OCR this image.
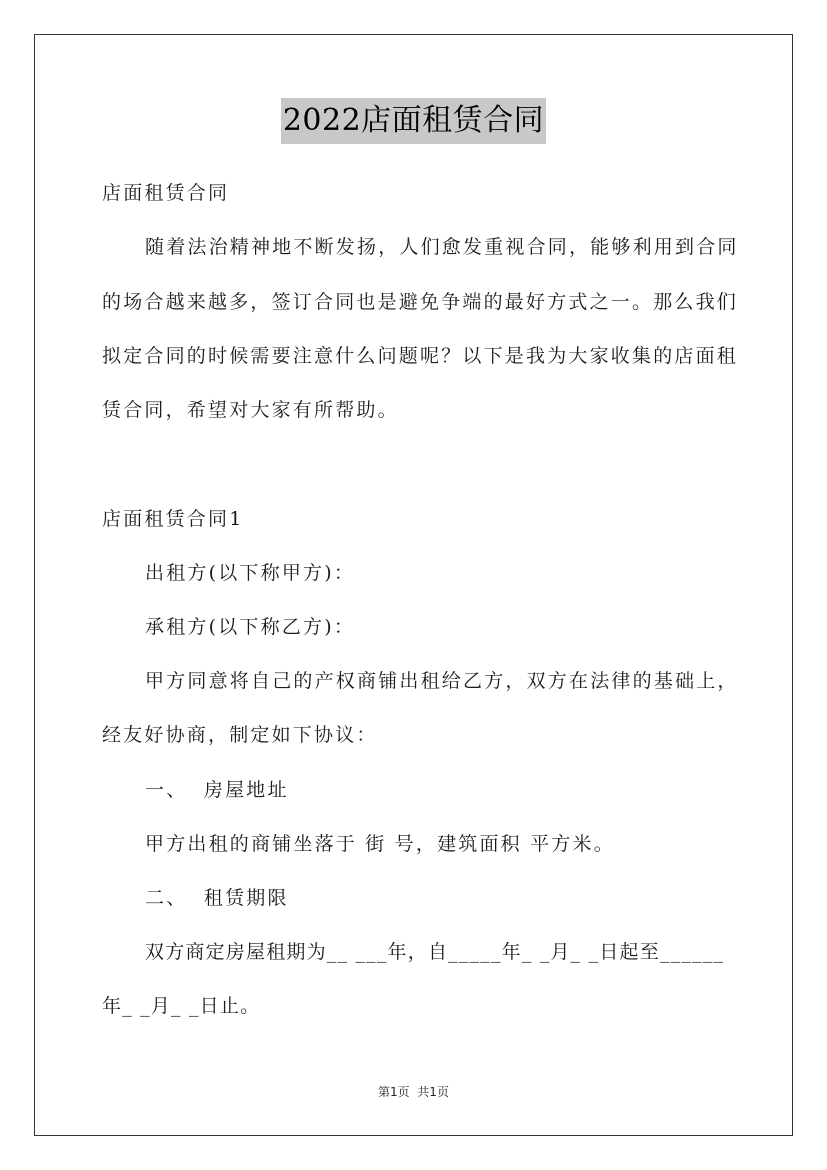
2022店面租赁合同
店面租赁合同
随着法治精神地不断发扬，人们愈发重视合同，能够利用到合同
的场合越来越多，签订合同也是避免争端的最好方式之一。那么我们
拟定合同的时候需要注意什么问题呢？以下是我为大家收集的店面租
赁合同，希望对大家有所帮助。
店面租赁合同1
出租方(以下称甲方)：
承租方(以下称乙方)：
甲方同意将自己的产权商铺出租给乙方，双方在法律的基础上，
经友好协商，制定如下协议：
一、  房屋地址
甲方出租的商铺坐落于 街 号，建筑面积 平方米。
二、  租赁期限
双方商定房屋租期为__ ___年，自_____年_ _月_ _日起至______
年_ _月_ _日止。
第1页  共1页
